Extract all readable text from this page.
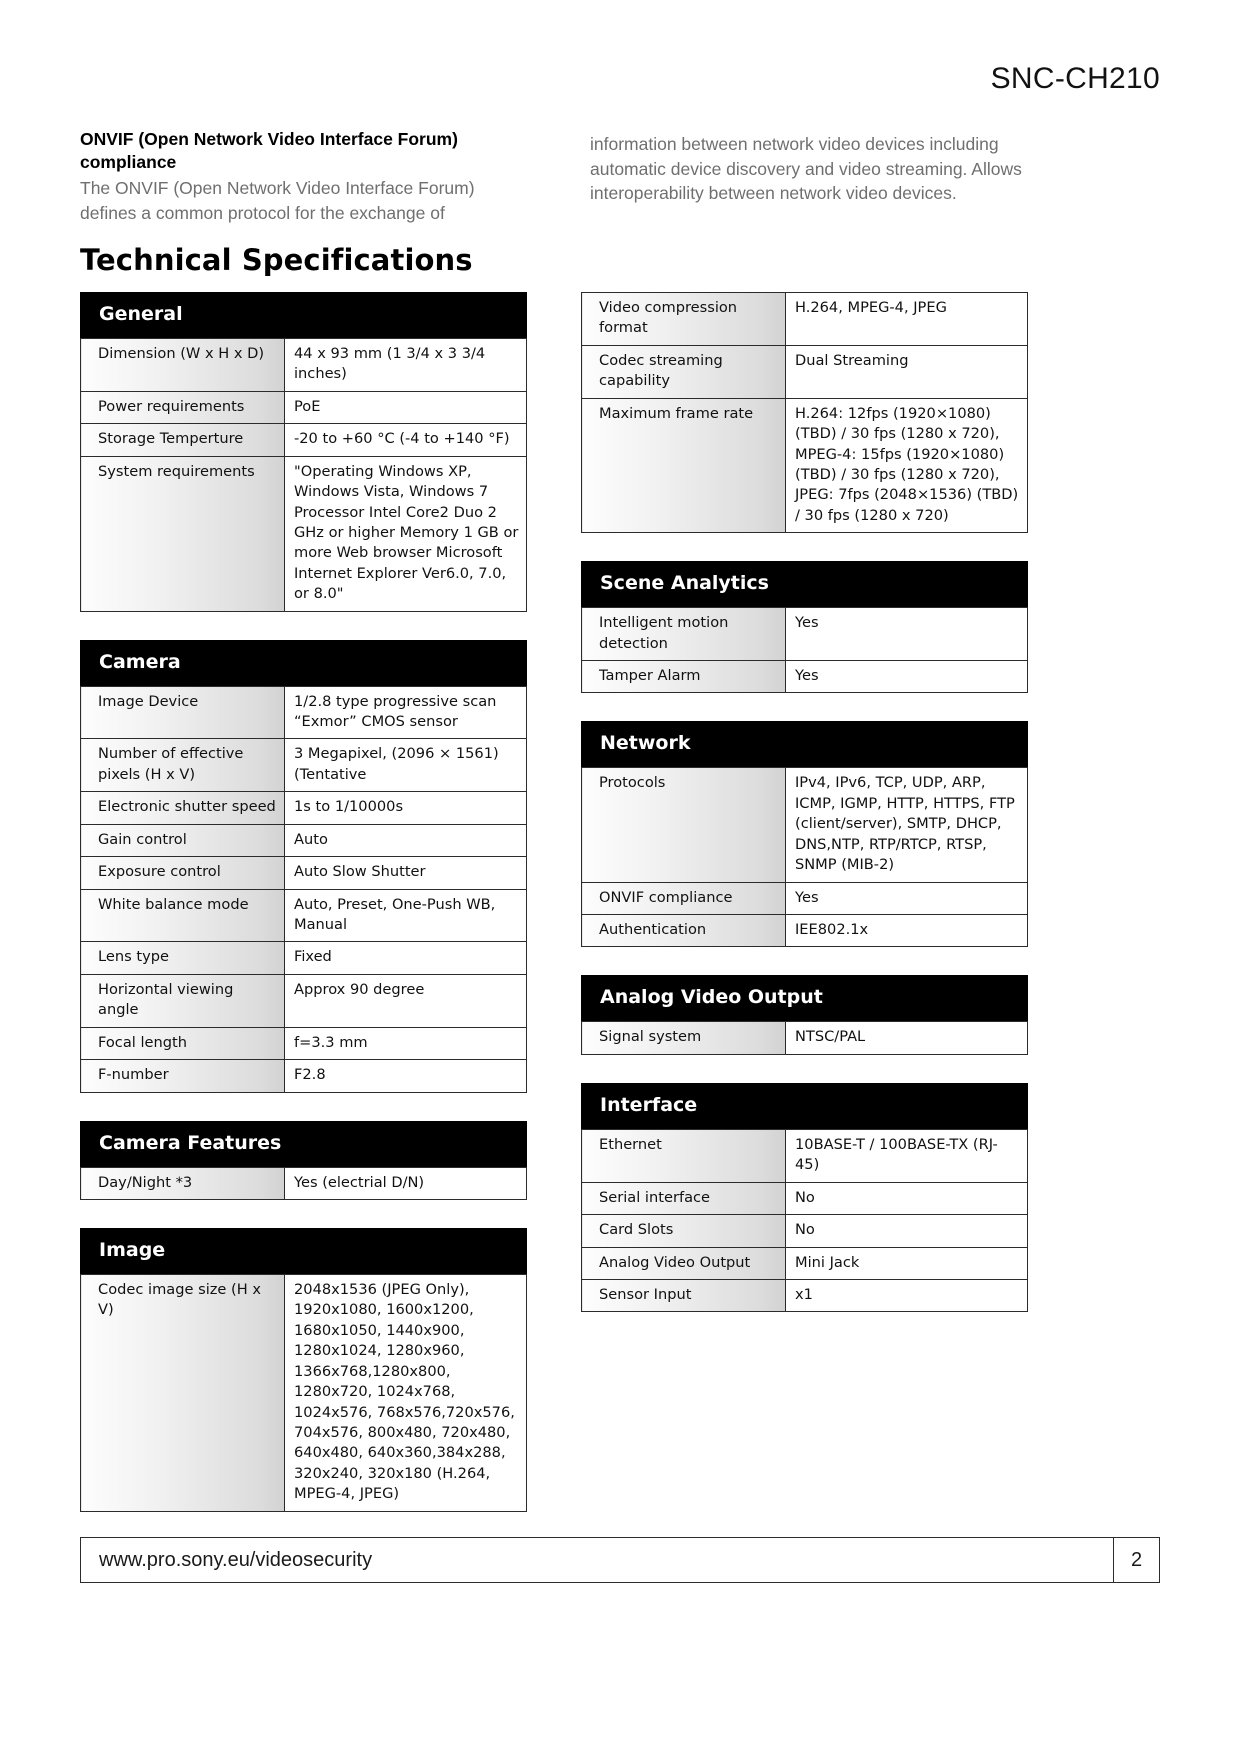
SNC-CH210

ONVIF (Open Network Video Interface Forum) compliance

The ONVIF (Open Network Video Interface Forum) defines a common protocol for the exchange of

information between network video devices including automatic device discovery and video streaming. Allows interoperability between network video devices.

Technical Specifications
General
Dimension (W x H x D)	44 x 93 mm (1 3/4 x 3 3/4 inches)
Power requirements	PoE
Storage Temperture	-20 to +60 °C (-4 to +140 °F)
System requirements	"Operating Windows XP, Windows Vista, Windows 7 Processor Intel Core2 Duo 2 GHz or higher Memory 1 GB or more Web browser Microsoft Internet Explorer Ver6.0, 7.0, or 8.0"
Camera
Image Device	1/2.8 type progressive scan “Exmor” CMOS sensor
Number of effective pixels (H x V)	3 Megapixel, (2096 × 1561) (Tentative
Electronic shutter speed	1s to 1/10000s
Gain control	Auto
Exposure control	Auto Slow Shutter
White balance mode	Auto, Preset, One-Push WB, Manual
Lens type	Fixed
Horizontal viewing angle	Approx 90 degree
Focal length	f=3.3 mm
F-number	F2.8
Camera Features
Day/Night *3	Yes (electrial D/N)
Image
Codec image size (H x V)	2048x1536 (JPEG Only), 1920x1080, 1600x1200, 1680x1050, 1440x900, 1280x1024, 1280x960, 1366x768,1280x800, 1280x720, 1024x768, 1024x576, 768x576,720x576, 704x576, 800x480, 720x480, 640x480, 640x360,384x288, 320x240, 320x180 (H.264, MPEG-4, JPEG)
Video compression format	H.264, MPEG-4, JPEG
Codec streaming capability	Dual Streaming
Maximum frame rate	H.264: 12fps (1920×1080) (TBD) / 30 fps (1280 x 720), MPEG-4: 15fps (1920×1080) (TBD) / 30 fps (1280 x 720), JPEG: 7fps (2048×1536) (TBD) / 30 fps (1280 x 720)
Scene Analytics
Intelligent motion detection	Yes
Tamper Alarm	Yes
Network
Protocols	IPv4, IPv6, TCP, UDP, ARP, ICMP, IGMP, HTTP, HTTPS, FTP (client/server), SMTP, DHCP, DNS,NTP, RTP/RTCP, RTSP, SNMP (MIB-2)
ONVIF compliance	Yes
Authentication	IEE802.1x
Analog Video Output
Signal system	NTSC/PAL
Interface
Ethernet	10BASE-T / 100BASE-TX (RJ-45)
Serial interface	No
Card Slots	No
Analog Video Output	Mini Jack
Sensor Input	x1
www.pro.sony.eu/videosecurity	2
